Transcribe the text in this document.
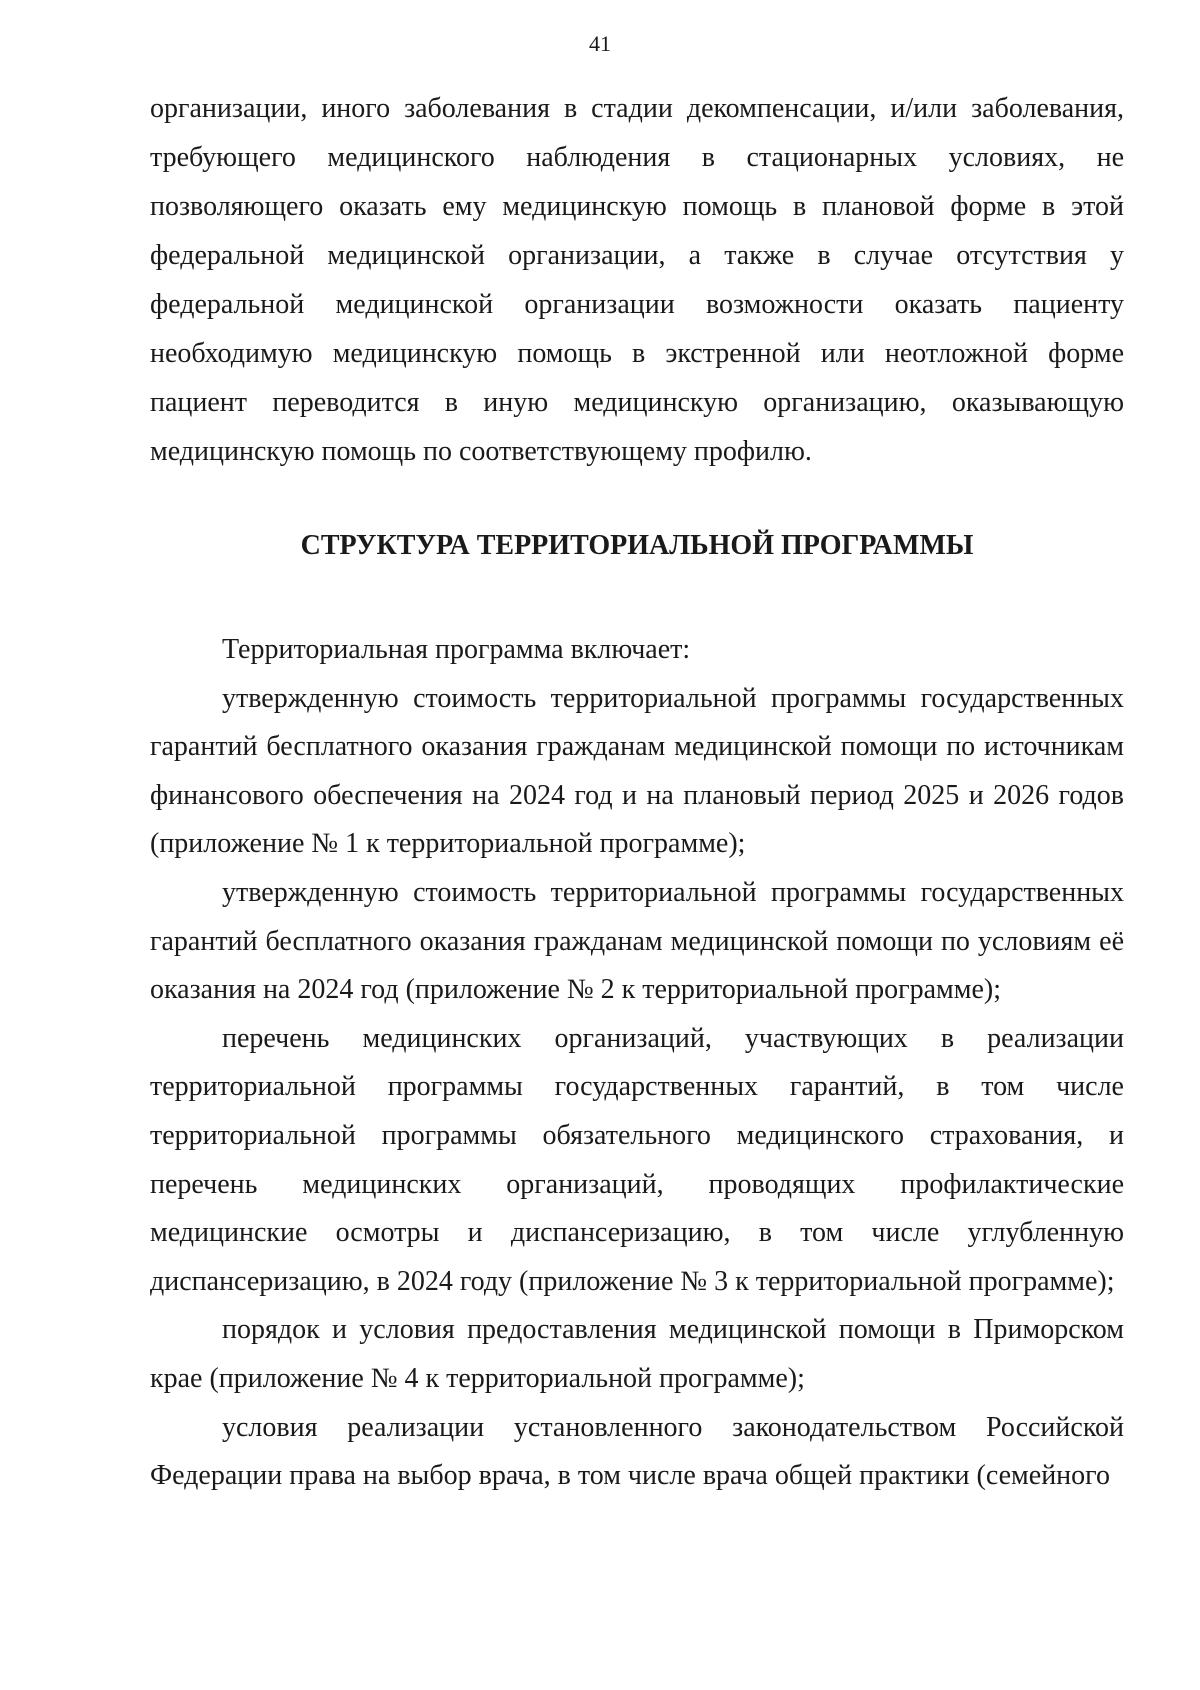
41

организации, иного заболевания в стадии декомпенсации, и/или заболевания, требующего медицинского наблюдения в стационарных условиях, не позволяющего оказать ему медицинскую помощь в плановой форме в этой федеральной медицинской организации, а также в случае отсутствия у федеральной медицинской организации возможности оказать пациенту необходимую медицинскую помощь в экстренной или неотложной форме пациент переводится в иную медицинскую организацию, оказывающую медицинскую помощь по соответствующему профилю.

СТРУКТУРА ТЕРРИТОРИАЛЬНОЙ ПРОГРАММЫ

Территориальная программа включает:

утвержденную стоимость территориальной программы государственных гарантий бесплатного оказания гражданам медицинской помощи по источникам финансового обеспечения на 2024 год и на плановый период 2025 и 2026 годов (приложение № 1 к территориальной программе);

утвержденную стоимость территориальной программы государственных гарантий бесплатного оказания гражданам медицинской помощи по условиям её оказания на 2024 год (приложение № 2 к территориальной программе);

перечень медицинских организаций, участвующих в реализации территориальной программы государственных гарантий, в том числе территориальной программы обязательного медицинского страхования, и перечень медицинских организаций, проводящих профилактические медицинские осмотры и диспансеризацию, в том числе углубленную диспансеризацию, в 2024 году (приложение № 3 к территориальной программе);

порядок и условия предоставления медицинской помощи в Приморском крае (приложение № 4 к территориальной программе);

условия реализации установленного законодательством Российской Федерации права на выбор врача, в том числе врача общей практики (семейного
